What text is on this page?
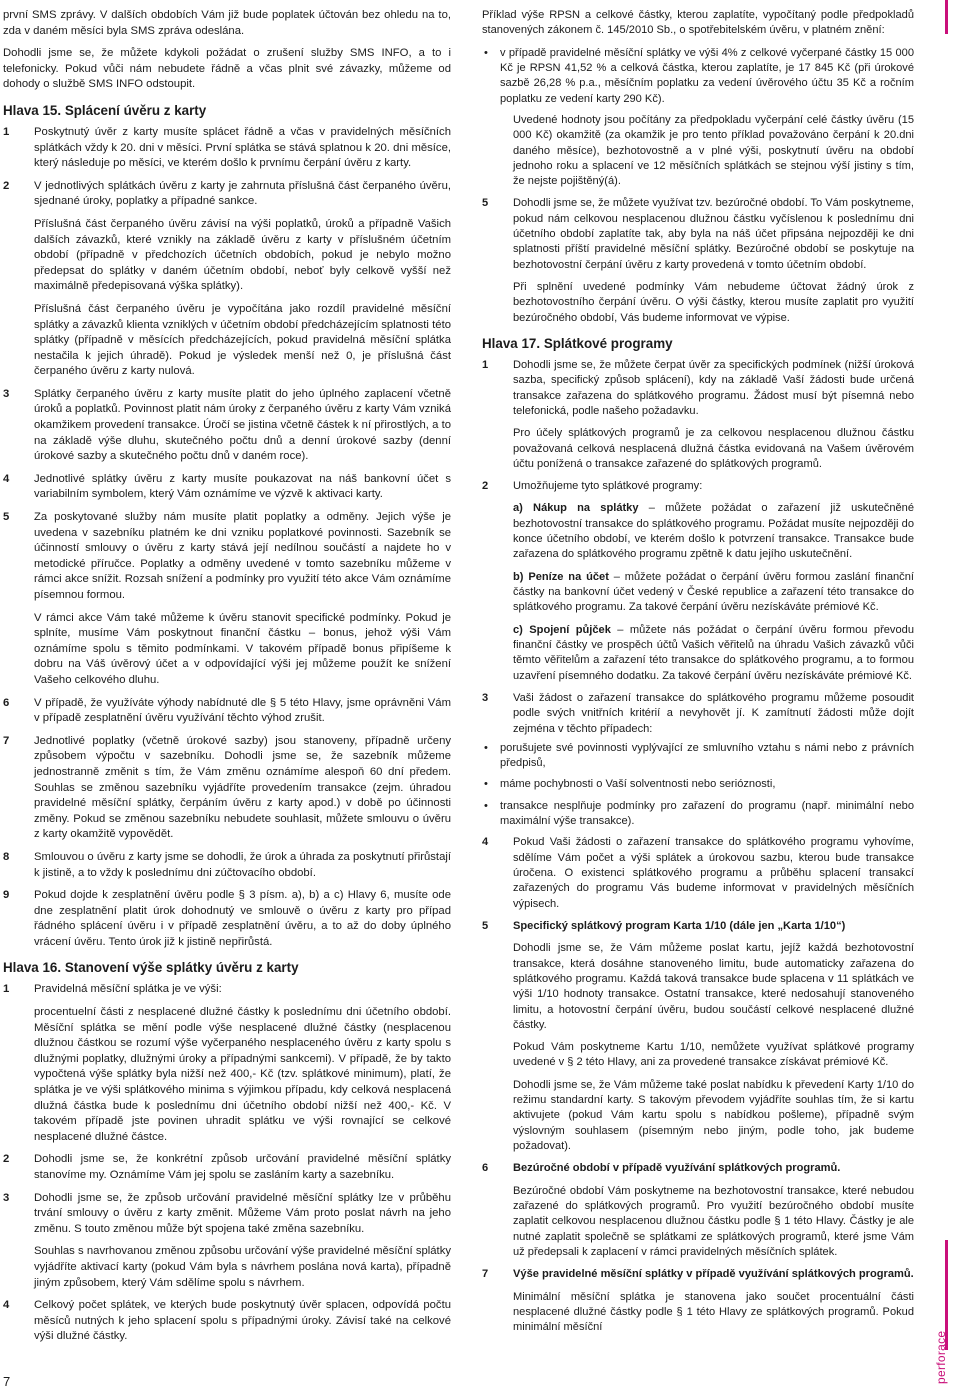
první SMS zprávy. V dalších obdobích Vám již bude poplatek účtován bez ohledu na to, zda v daném měsíci byla SMS zpráva odeslána.
Dohodli jsme se, že můžete kdykoli požádat o zrušení služby SMS INFO, a to i telefonicky. Pokud vůči nám nebudete řádně a včas plnit své závazky, můžeme od dohody o službě SMS INFO odstoupit.
Hlava 15. Splácení úvěru z karty
1 Poskytnutý úvěr z karty musíte splácet řádně a včas v pravidelných měsíčních splátkách vždy k 20. dni v měsíci. První splátka se stává splatnou k 20. dni měsíce, který následuje po měsíci, ve kterém došlo k prvnímu čerpání úvěru z karty.
2 V jednotlivých splátkách úvěru z karty je zahrnuta příslušná část čerpaného úvěru, sjednané úroky, poplatky a případné sankce.
Příslušná část čerpaného úvěru závisí na výši poplatků, úroků a případně Vašich dalších závazků, které vznikly na základě úvěru z karty v příslušném účetním období (případně v předchozích účetních obdobích, pokud je nebylo možno předepsat do splátky v daném účetním období, neboť byly celkově vyšší než maximálně předepisovaná výška splátky).
Příslušná část čerpaného úvěru je vypočítána jako rozdíl pravidelné měsíční splátky a závazků klienta vzniklých v účetním období předcházejícím splatnosti této splátky (případně v měsících předcházejících, pokud pravidelná měsíční splátka nestačila k jejich úhradě). Pokud je výsledek menší než 0, je příslušná část čerpaného úvěru z karty nulová.
3 Splátky čerpaného úvěru z karty musíte platit do jeho úplného zaplacení včetně úroků a poplatků. Povinnost platit nám úroky z čerpaného úvěru z karty Vám vzniká okamžikem provedení transakce. Úročí se jistina včetně částek k ní přirostlých, a to na základě výše dluhu, skutečného počtu dnů a denní úrokové sazby (denní úrokové sazby a skutečného počtu dnů v daném roce).
4 Jednotlivé splátky úvěru z karty musíte poukazovat na náš bankovní účet s variabilním symbolem, který Vám oznámíme ve výzvě k aktivaci karty.
5 Za poskytované služby nám musíte platit poplatky a odměny. Jejich výše je uvedena v sazebníku platném ke dni vzniku poplatkové povinnosti. Sazebník se účinností smlouvy o úvěru z karty stává její nedílnou součástí a najdete ho v metodické příručce. Poplatky a odměny uvedené v tomto sazebníku můžeme v rámci akce snížit. Rozsah snížení a podmínky pro využití této akce Vám oznámíme písemnou formou.
V rámci akce Vám také můžeme k úvěru stanovit specifické podmínky. Pokud je splníte, musíme Vám poskytnout finanční částku – bonus, jehož výši Vám oznámíme spolu s těmito podmínkami. V takovém případě bonus připíšeme k dobru na Váš úvěrový účet a v odpovídající výši jej můžeme použít ke snížení Vašeho celkového dluhu.
6 V případě, že využíváte výhody nabídnuté dle § 5 této Hlavy, jsme oprávněni Vám v případě zesplatnění úvěru využívání těchto výhod zrušit.
7 Jednotlivé poplatky (včetně úrokové sazby) jsou stanoveny, případně určeny způsobem výpočtu v sazebníku. Dohodli jsme se, že sazebník můžeme jednostranně změnit s tím, že Vám změnu oznámíme alespoň 60 dní předem. Souhlas se změnou sazebníku vyjádříte provedením transakce (zejm. úhradou pravidelné měsíční splátky, čerpáním úvěru z karty apod.) v době po účinnosti změny. Pokud se změnou sazebníku nebudete souhlasit, můžete smlouvu o úvěru z karty okamžitě vypovědět.
8 Smlouvou o úvěru z karty jsme se dohodli, že úrok a úhrada za poskytnutí přirůstají k jistině, a to vždy k poslednímu dni zúčtovacího období.
9 Pokud dojde k zesplatnění úvěru podle § 3 písm. a), b) a c) Hlavy 6, musíte ode dne zesplatnění platit úrok dohodnutý ve smlouvě o úvěru z karty pro případ řádného splácení úvěru i v případě zesplatnění úvěru, a to až do doby úplného vrácení úvěru. Tento úrok již k jistině nepřirůstá.
Hlava 16. Stanovení výše splátky úvěru z karty
1 Pravidelná měsíční splátka je ve výši:
procentuelní části z nesplacené dlužné částky k poslednímu dni účetního období. Měsíční splátka se mění podle výše nesplacené dlužné částky (nesplacenou dlužnou částkou se rozumí výše vyčerpaného nesplaceného úvěru z karty spolu s dlužnými poplatky, dlužnými úroky a případnými sankcemi). V případě, že by takto vypočtená výše splátky byla nižší než 400,- Kč (tzv. splátkové minimum), platí, že splátka je ve výši splátkového minima s výjimkou případu, kdy celková nesplacená dlužná částka bude k poslednímu dni účetního období nižší než 400,- Kč. V takovém případě jste povinen uhradit splátku ve výši rovnající se celkové nesplacené dlužné částce.
2 Dohodli jsme se, že konkrétní způsob určování pravidelné měsíční splátky stanovíme my. Oznámíme Vám jej spolu se zasláním karty a sazebníku.
3 Dohodli jsme se, že způsob určování pravidelné měsíční splátky lze v průběhu trvání smlouvy o úvěru z karty změnit. Můžeme Vám proto poslat návrh na jeho změnu. S touto změnou může být spojena také změna sazebníku.
Souhlas s navrhovanou změnou způsobu určování výše pravidelné měsíční splátky vyjádříte aktivací karty (pokud Vám byla s návrhem poslána nová karta), případně jiným způsobem, který Vám sdělíme spolu s návrhem.
4 Celkový počet splátek, ve kterých bude poskytnutý úvěr splacen, odpovídá počtu měsíců nutných k jeho splacení spolu s případnými úroky. Závisí také na celkové výši dlužné částky.
Příklad výše RPSN a celkové částky, kterou zaplatíte, vypočítaný podle předpokladů stanovených zákonem č. 145/2010 Sb., o spotřebitelském úvěru, v platném znění:
• v případě pravidelné měsíční splátky ve výši 4% z celkové vyčerpané částky 15 000 Kč je RPSN 41,52 % a celková částka, kterou zaplatíte, je 17 845 Kč (při úrokové sazbě 26,28 % p.a., měsíčním poplatku za vedení úvěrového účtu 35 Kč a ročním poplatku ze vedení karty 290 Kč).
Uvedené hodnoty jsou počítány za předpokladu vyčerpání celé částky úvěru (15 000 Kč) okamžitě (za okamžik je pro tento příklad považováno čerpání k 20.dni daného měsíce), bezhotovostně a v plné výši, poskytnutí úvěru na období jednoho roku a splacení ve 12 měsíčních splátkách se stejnou výší jistiny s tím, že nejste pojištěný(á).
5 Dohodli jsme se, že můžete využívat tzv. bezúročné období. To Vám poskytneme, pokud nám celkovou nesplacenou dlužnou částku vyčíslenou k poslednímu dni účetního období zaplatíte tak, aby byla na náš účet připsána nejpozději ke dni splatnosti příští pravidelné měsíční splátky. Bezúročné období se poskytuje na bezhotovostní čerpání úvěru z karty provedená v tomto účetním období.
Při splnění uvedené podmínky Vám nebudeme účtovat žádný úrok z bezhotovostního čerpání úvěru. O výši částky, kterou musíte zaplatit pro využití bezúročného období, Vás budeme informovat ve výpise.
Hlava 17. Splátkové programy
1 Dohodli jsme se, že můžete čerpat úvěr za specifických podmínek (nižší úroková sazba, specifický způsob splácení), kdy na základě Vaší žádosti bude určená transakce zařazena do splátkového programu. Žádost musí být písemná nebo telefonická, podle našeho požadavku.
Pro účely splátkových programů je za celkovou nesplacenou dlužnou částku považovaná celková nesplacená dlužná částka evidovaná na Vašem úvěrovém účtu ponížená o transakce zařazené do splátkových programů.
2 Umožňujeme tyto splátkové programy:
a) Nákup na splátky – můžete požádat o zařazení již uskutečněné bezhotovostní transakce do splátkového programu. Požádat musíte nejpozději do konce účetního období, ve kterém došlo k potvrzení transakce. Transakce bude zařazena do splátkového programu zpětně k datu jejího uskutečnění.
b) Peníze na účet – můžete požádat o čerpání úvěru formou zaslání finanční částky na bankovní účet vedený v České republice a zařazení této transakce do splátkového programu. Za takové čerpání úvěru nezískáváte prémiové Kč.
c) Spojení půjček – můžete nás požádat o čerpání úvěru formou převodu finanční částky ve prospěch účtů Vašich věřitelů na úhradu Vašich závazků vůči těmto věřitelům a zařazení této transakce do splátkového programu, a to formou uzavření písemného dodatku. Za takové čerpání úvěru nezískáváte prémiové Kč.
3 Vaši žádost o zařazení transakce do splátkového programu můžeme posoudit podle svých vnitřních kritérií a nevyhovět jí. K zamítnutí žádosti může dojít zejména v těchto případech:
• porušujete své povinnosti vyplývající ze smluvního vztahu s námi nebo z právních předpisů,
• máme pochybnosti o Vaší solventnosti nebo serióznosti,
• transakce nesplňuje podmínky pro zařazení do programu (např. minimální nebo maximální výše transakce).
4 Pokud Vaši žádosti o zařazení transakce do splátkového programu vyhovíme, sdělíme Vám počet a výši splátek a úrokovou sazbu, kterou bude transakce úročena. O existenci splátkového programu a průběhu splacení transakcí zařazených do programu Vás budeme informovat v pravidelných měsíčních výpisech.
5 Specifický splátkový program Karta 1/10 (dále jen „Karta 1/10“)
Dohodli jsme se, že Vám můžeme poslat kartu, jejíž každá bezhotovostní transakce, která dosáhne stanoveného limitu, bude automaticky zařazena do splátkového programu. Každá taková transakce bude splacena v 11 splátkách ve výši 1/10 hodnoty transakce. Ostatní transakce, které nedosahují stanoveného limitu, a hotovostní čerpání úvěru, budou součástí celkové nesplacené dlužné částky.
Pokud Vám poskytneme Kartu 1/10, nemůžete využívat splátkové programy uvedené v § 2 této Hlavy, ani za provedené transakce získávat prémiové Kč.
Dohodli jsme se, že Vám můžeme také poslat nabídku k převedení Karty 1/10 do režimu standardní karty. S takovým převodem vyjádříte souhlas tím, že si kartu aktivujete (pokud Vám kartu spolu s nabídkou pošleme), případně svým výslovným souhlasem (písemným nebo jiným, podle toho, jak budeme požadovat).
6 Bezúročné období v případě využívání splátkových programů.
Bezúročné období Vám poskytneme na bezhotovostní transakce, které nebudou zařazené do splátkových programů. Pro využití bezúročného období musíte zaplatit celkovou nesplacenou dlužnou částku podle § 1 této Hlavy. Částky je ale nutné zaplatit společně se splátkami ze splátkových programů, které jsme Vám už předepsali k zaplacení v rámci pravidelných měsíčních splátek.
7 Výše pravidelné měsíční splátky v případě využívání splátkových programů.
Minimální měsíční splátka je stanovena jako součet procentuální části nesplacené dlužné částky podle § 1 této Hlavy ze splátkových programů. Pokud minimální měsíční
7	perforace
